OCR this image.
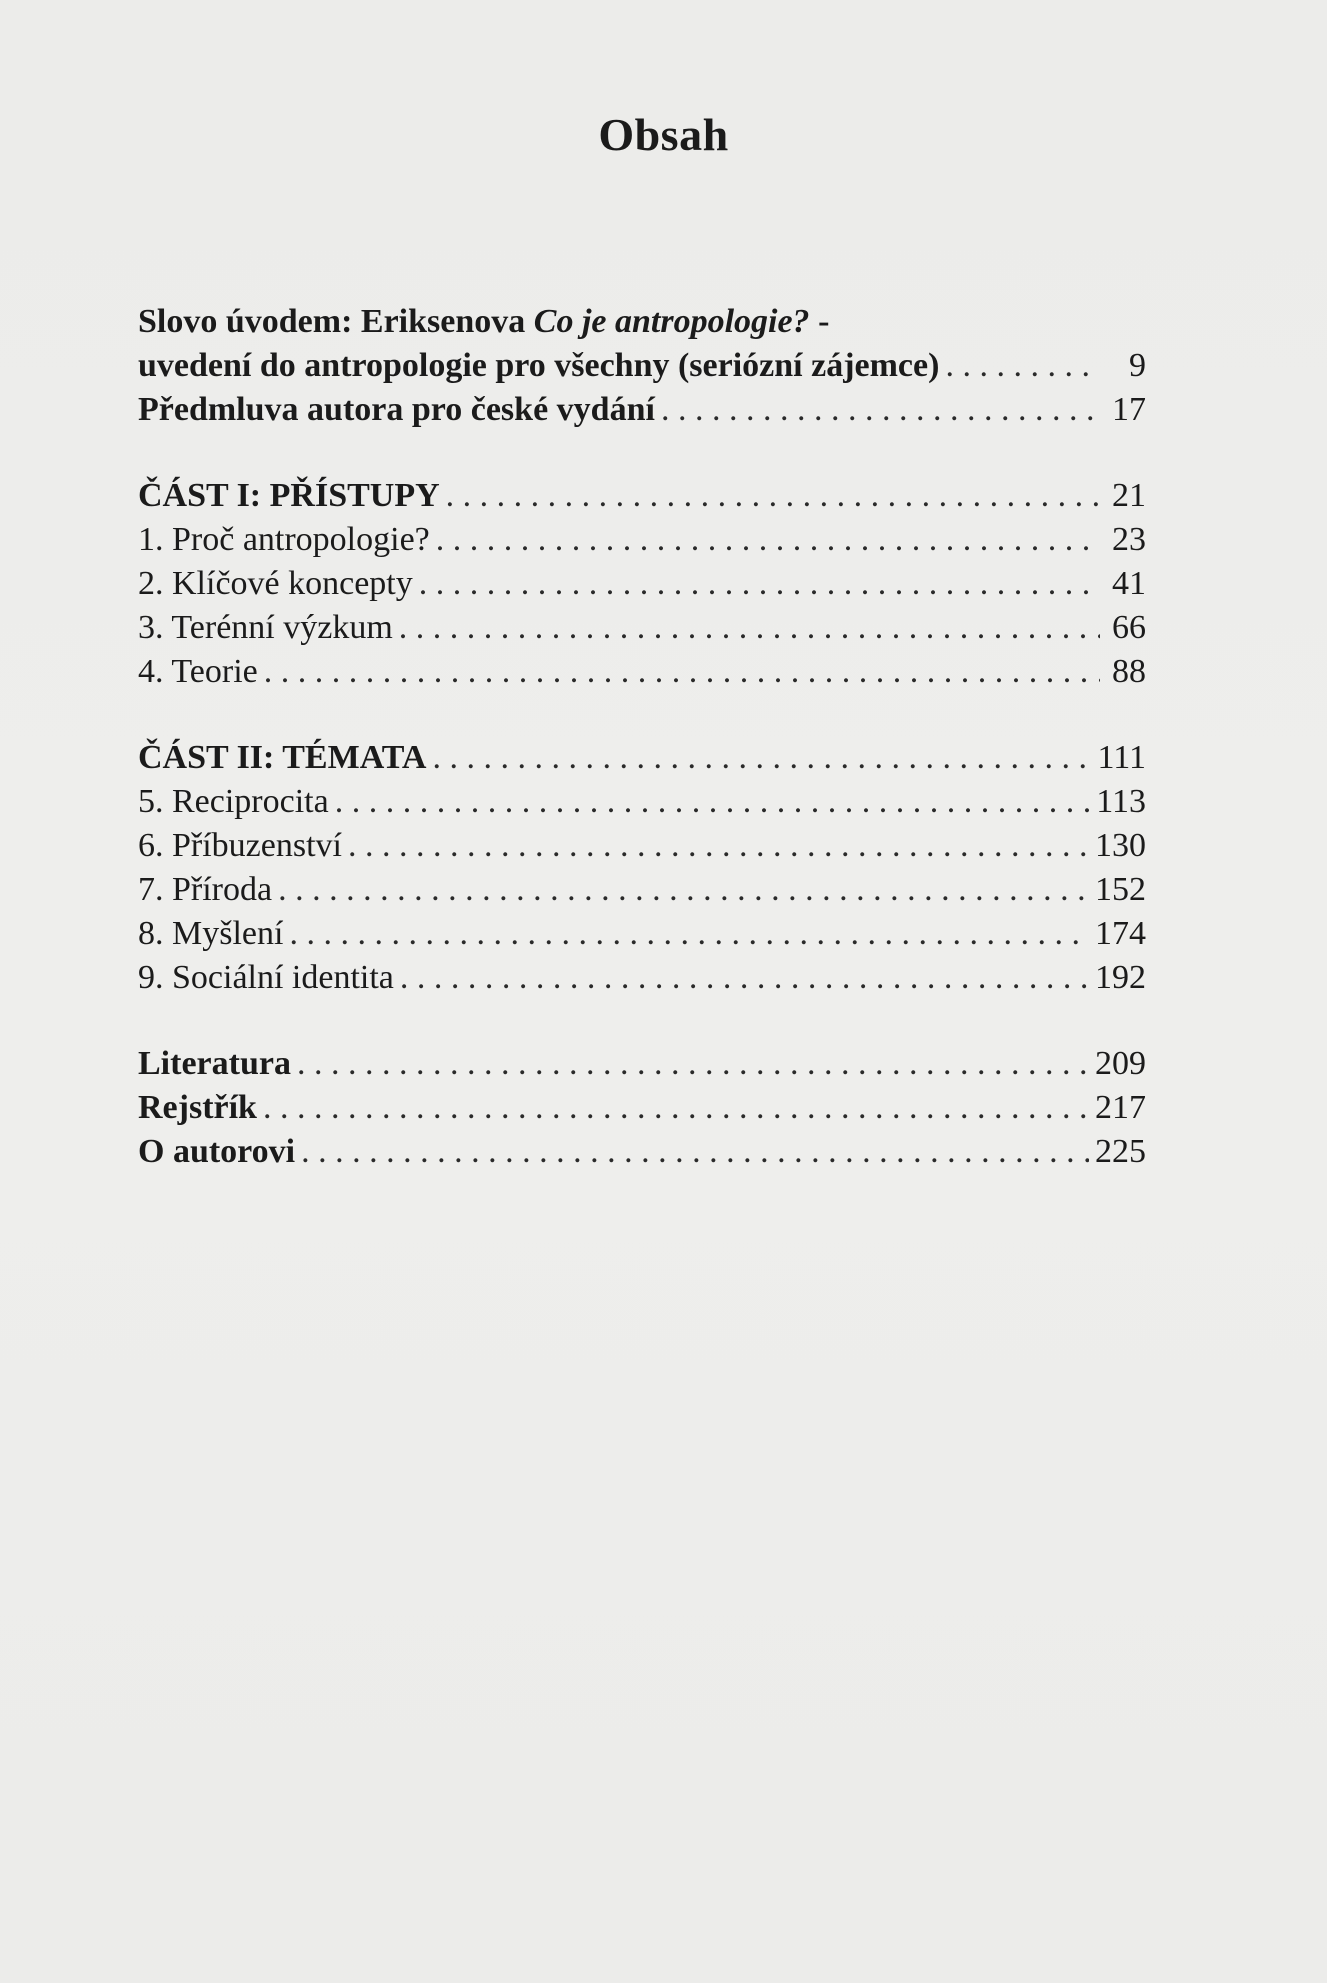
Obsah
Slovo úvodem: Eriksenova Co je antropologie? -
uvedení do antropologie pro všechny (seriózní zájemce) . . .	9
Předmluva autora pro české vydání . . .	17
ČÁST I: PŘÍSTUPY . . .	21
1. Proč antropologie? . . .	23
2. Klíčové koncepty . . .	41
3. Terénní výzkum . . .	66
4. Teorie . . .	88
ČÁST II: TÉMATA . . .	111
5. Reciprocita . . .	113
6. Příbuzenství . . .	130
7. Příroda . . .	152
8. Myšlení . . .	174
9. Sociální identita . . .	192
Literatura . . .	209
Rejstřík . . .	217
O autorovi . . .	225
